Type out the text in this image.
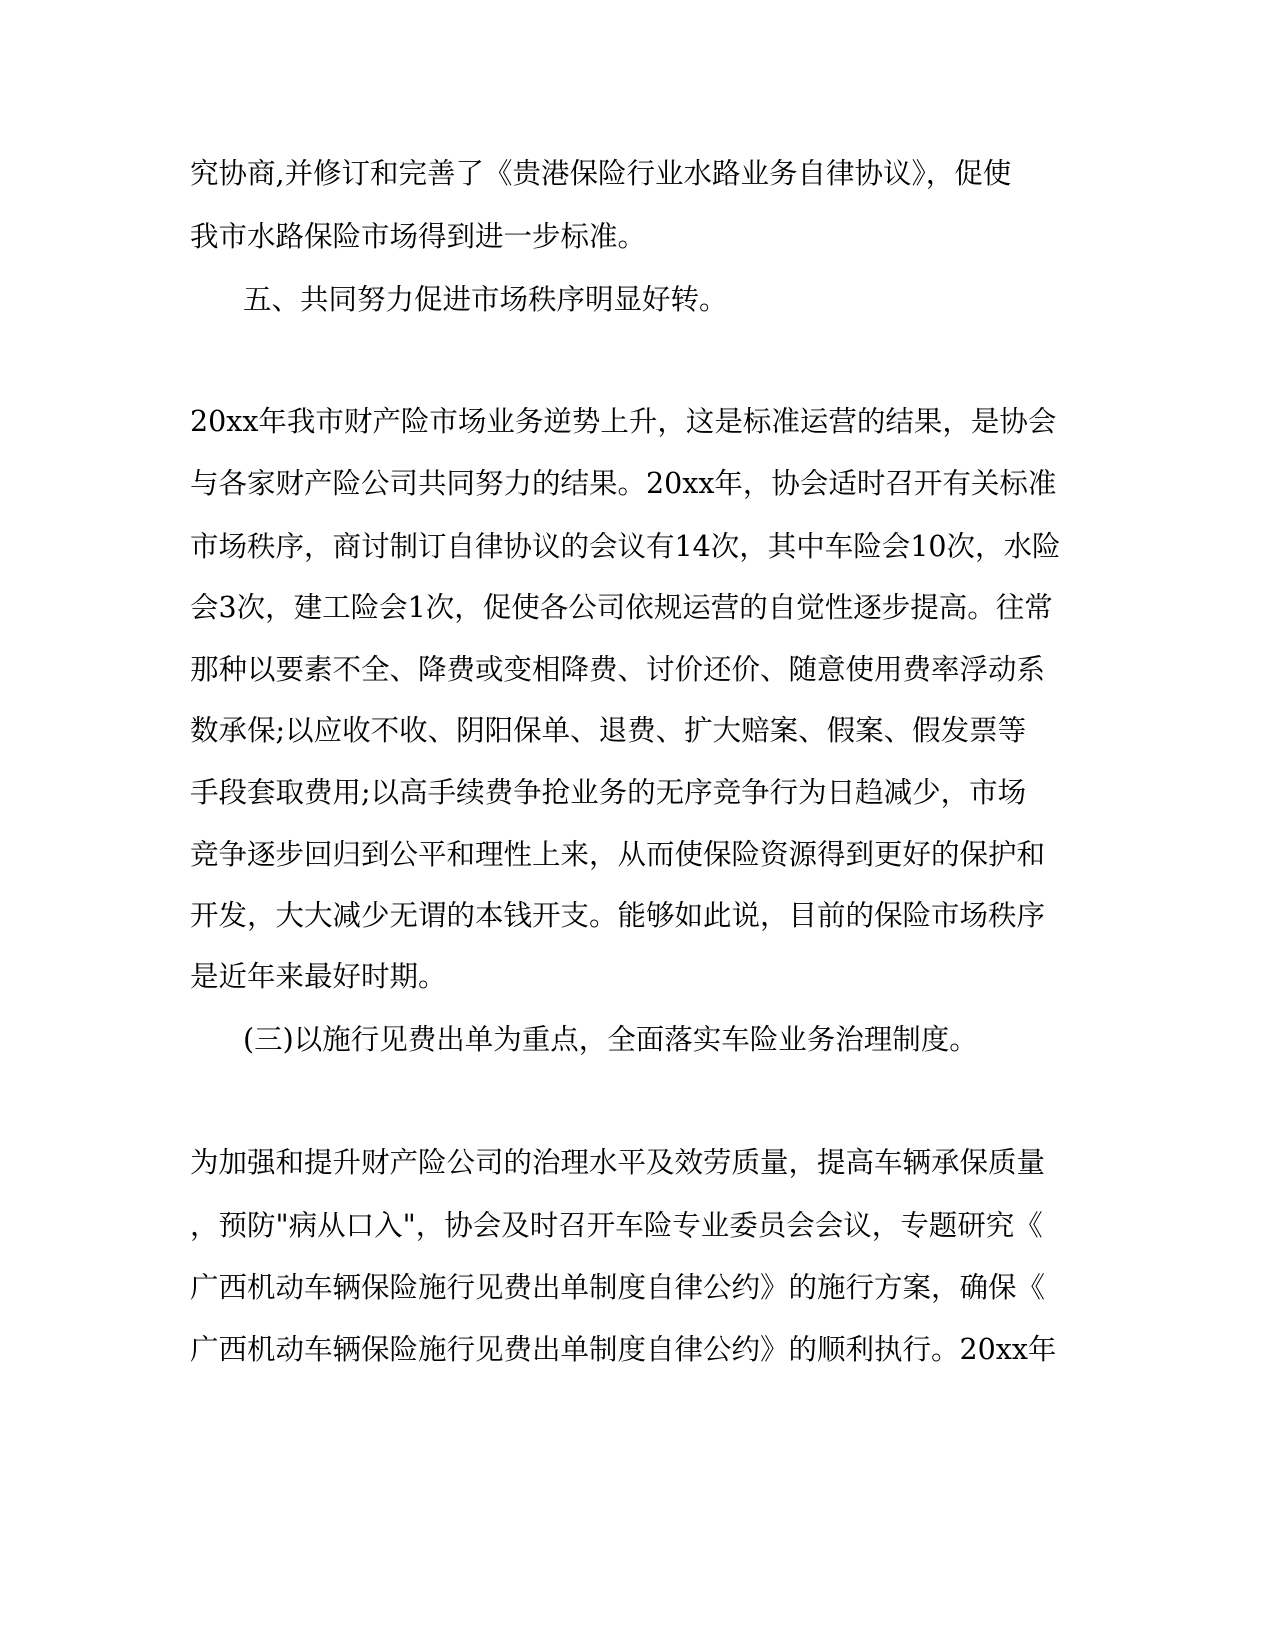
究协商,并修订和完善了《贵港保险行业水路业务自律协议》，促使
我市水路保险市场得到进一步标准。
五、共同努力促进市场秩序明显好转。
20xx年我市财产险市场业务逆势上升，这是标准运营的结果，是协会
与各家财产险公司共同努力的结果。20xx年，协会适时召开有关标准
市场秩序，商讨制订自律协议的会议有14次，其中车险会10次，水险
会3次，建工险会1次，促使各公司依规运营的自觉性逐步提高。往常
那种以要素不全、降费或变相降费、讨价还价、随意使用费率浮动系
数承保;以应收不收、阴阳保单、退费、扩大赔案、假案、假发票等
手段套取费用;以高手续费争抢业务的无序竞争行为日趋减少，市场
竞争逐步回归到公平和理性上来，从而使保险资源得到更好的保护和
开发，大大减少无谓的本钱开支。能够如此说，目前的保险市场秩序
是近年来最好时期。
(三)以施行见费出单为重点，全面落实车险业务治理制度。
为加强和提升财产险公司的治理水平及效劳质量，提高车辆承保质量
，预防"病从口入"，协会及时召开车险专业委员会会议，专题研究《
广西机动车辆保险施行见费出单制度自律公约》的施行方案，确保《
广西机动车辆保险施行见费出单制度自律公约》的顺利执行。20xx年
